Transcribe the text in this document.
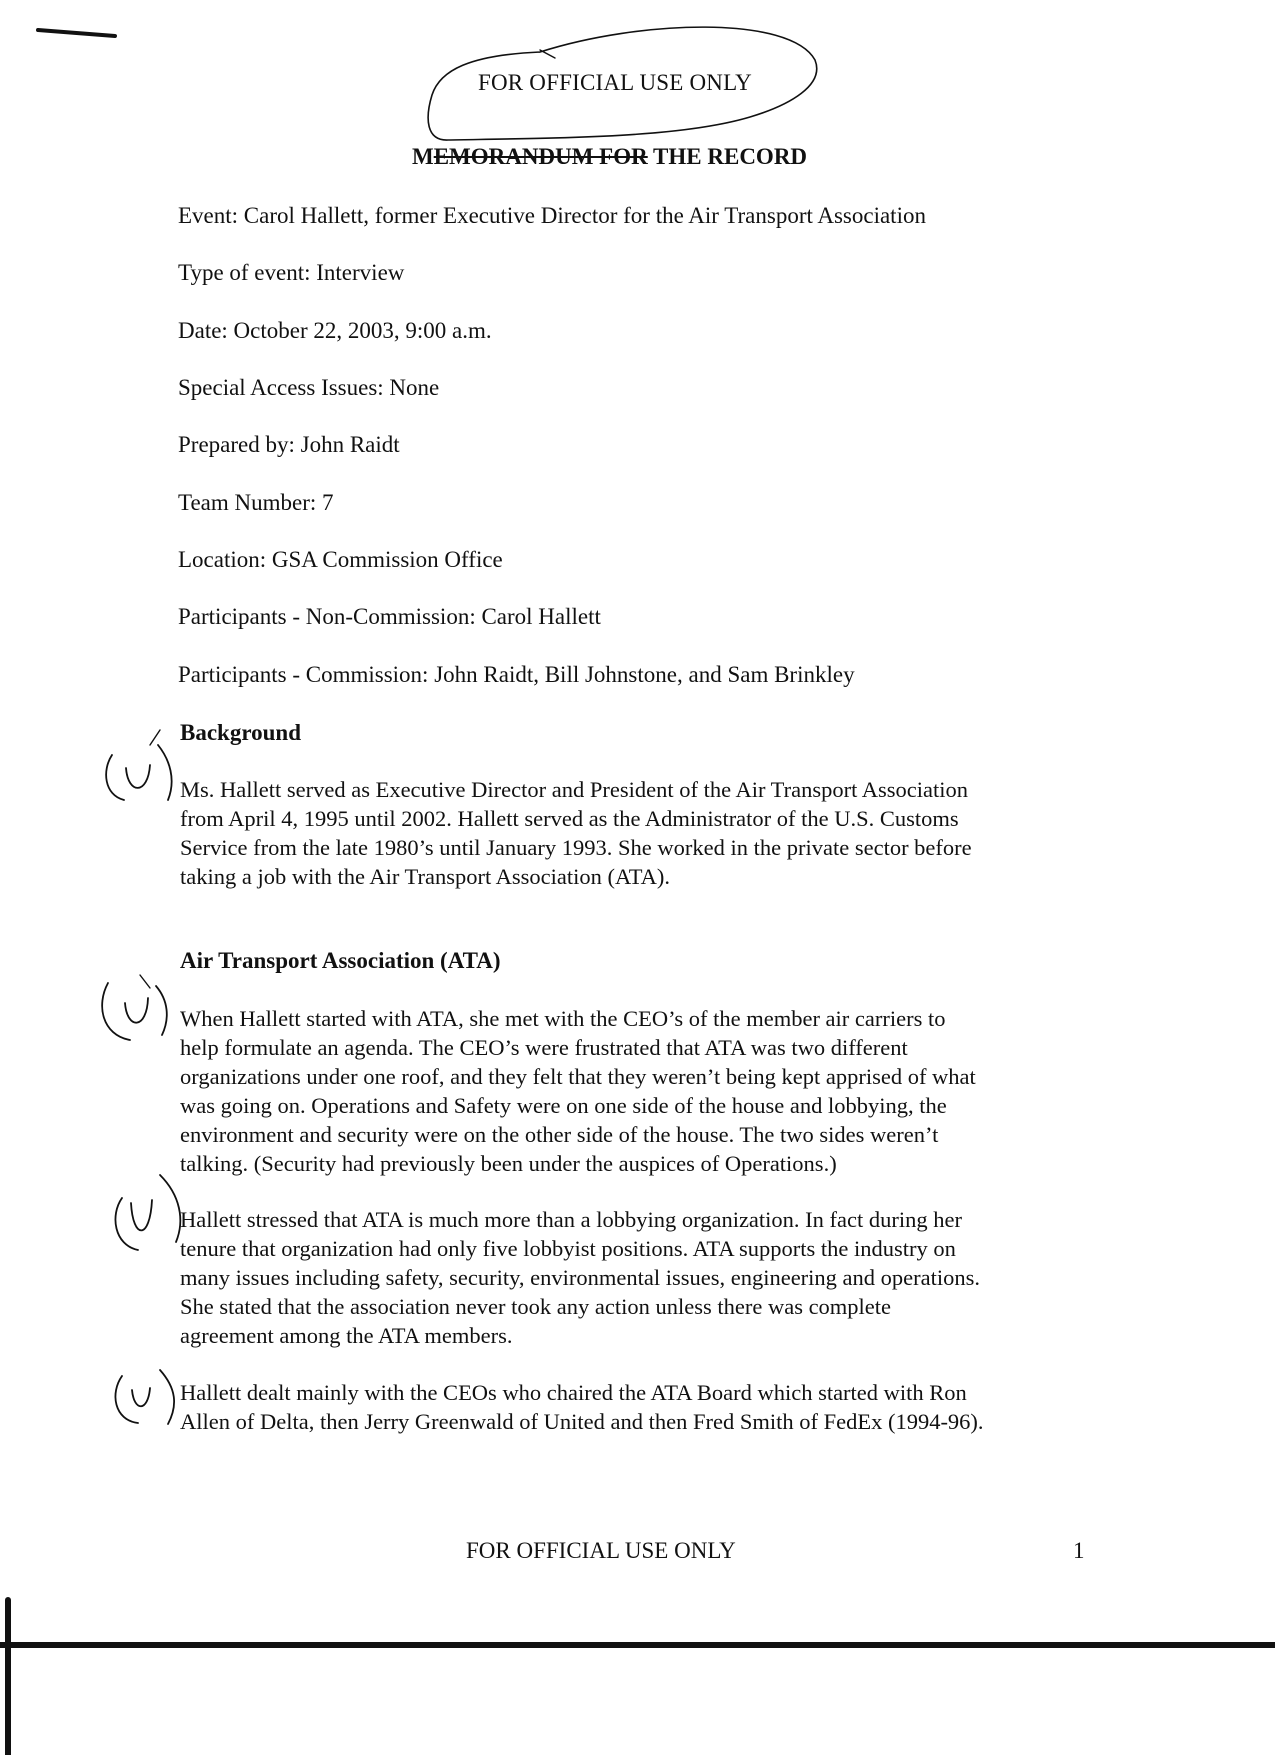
FOR OFFICIAL USE ONLY
MEMORANDUM FOR THE RECORD
Event: Carol Hallett, former Executive Director for the Air Transport Association
Type of event: Interview
Date: October 22, 2003, 9:00 a.m.
Special Access Issues: None
Prepared by: John Raidt
Team Number: 7
Location: GSA Commission Office
Participants - Non-Commission: Carol Hallett
Participants - Commission: John Raidt, Bill Johnstone, and Sam Brinkley
Background
Ms. Hallett served as Executive Director and President of the Air Transport Association
from April 4, 1995 until 2002. Hallett served as the Administrator of the U.S. Customs
Service from the late 1980’s until January 1993. She worked in the private sector before
taking a job with the Air Transport Association (ATA).
Air Transport Association (ATA)
When Hallett started with ATA, she met with the CEO’s of the member air carriers to
help formulate an agenda. The CEO’s were frustrated that ATA was two different
organizations under one roof, and they felt that they weren’t being kept apprised of what
was going on. Operations and Safety were on one side of the house and lobbying, the
environment and security were on the other side of the house. The two sides weren’t
talking. (Security had previously been under the auspices of Operations.)
Hallett stressed that ATA is much more than a lobbying organization. In fact during her
tenure that organization had only five lobbyist positions. ATA supports the industry on
many issues including safety, security, environmental issues, engineering and operations.
She stated that the association never took any action unless there was complete
agreement among the ATA members.
Hallett dealt mainly with the CEOs who chaired the ATA Board which started with Ron
Allen of Delta, then Jerry Greenwald of United and then Fred Smith of FedEx (1994-96).
FOR OFFICIAL USE ONLY	1
